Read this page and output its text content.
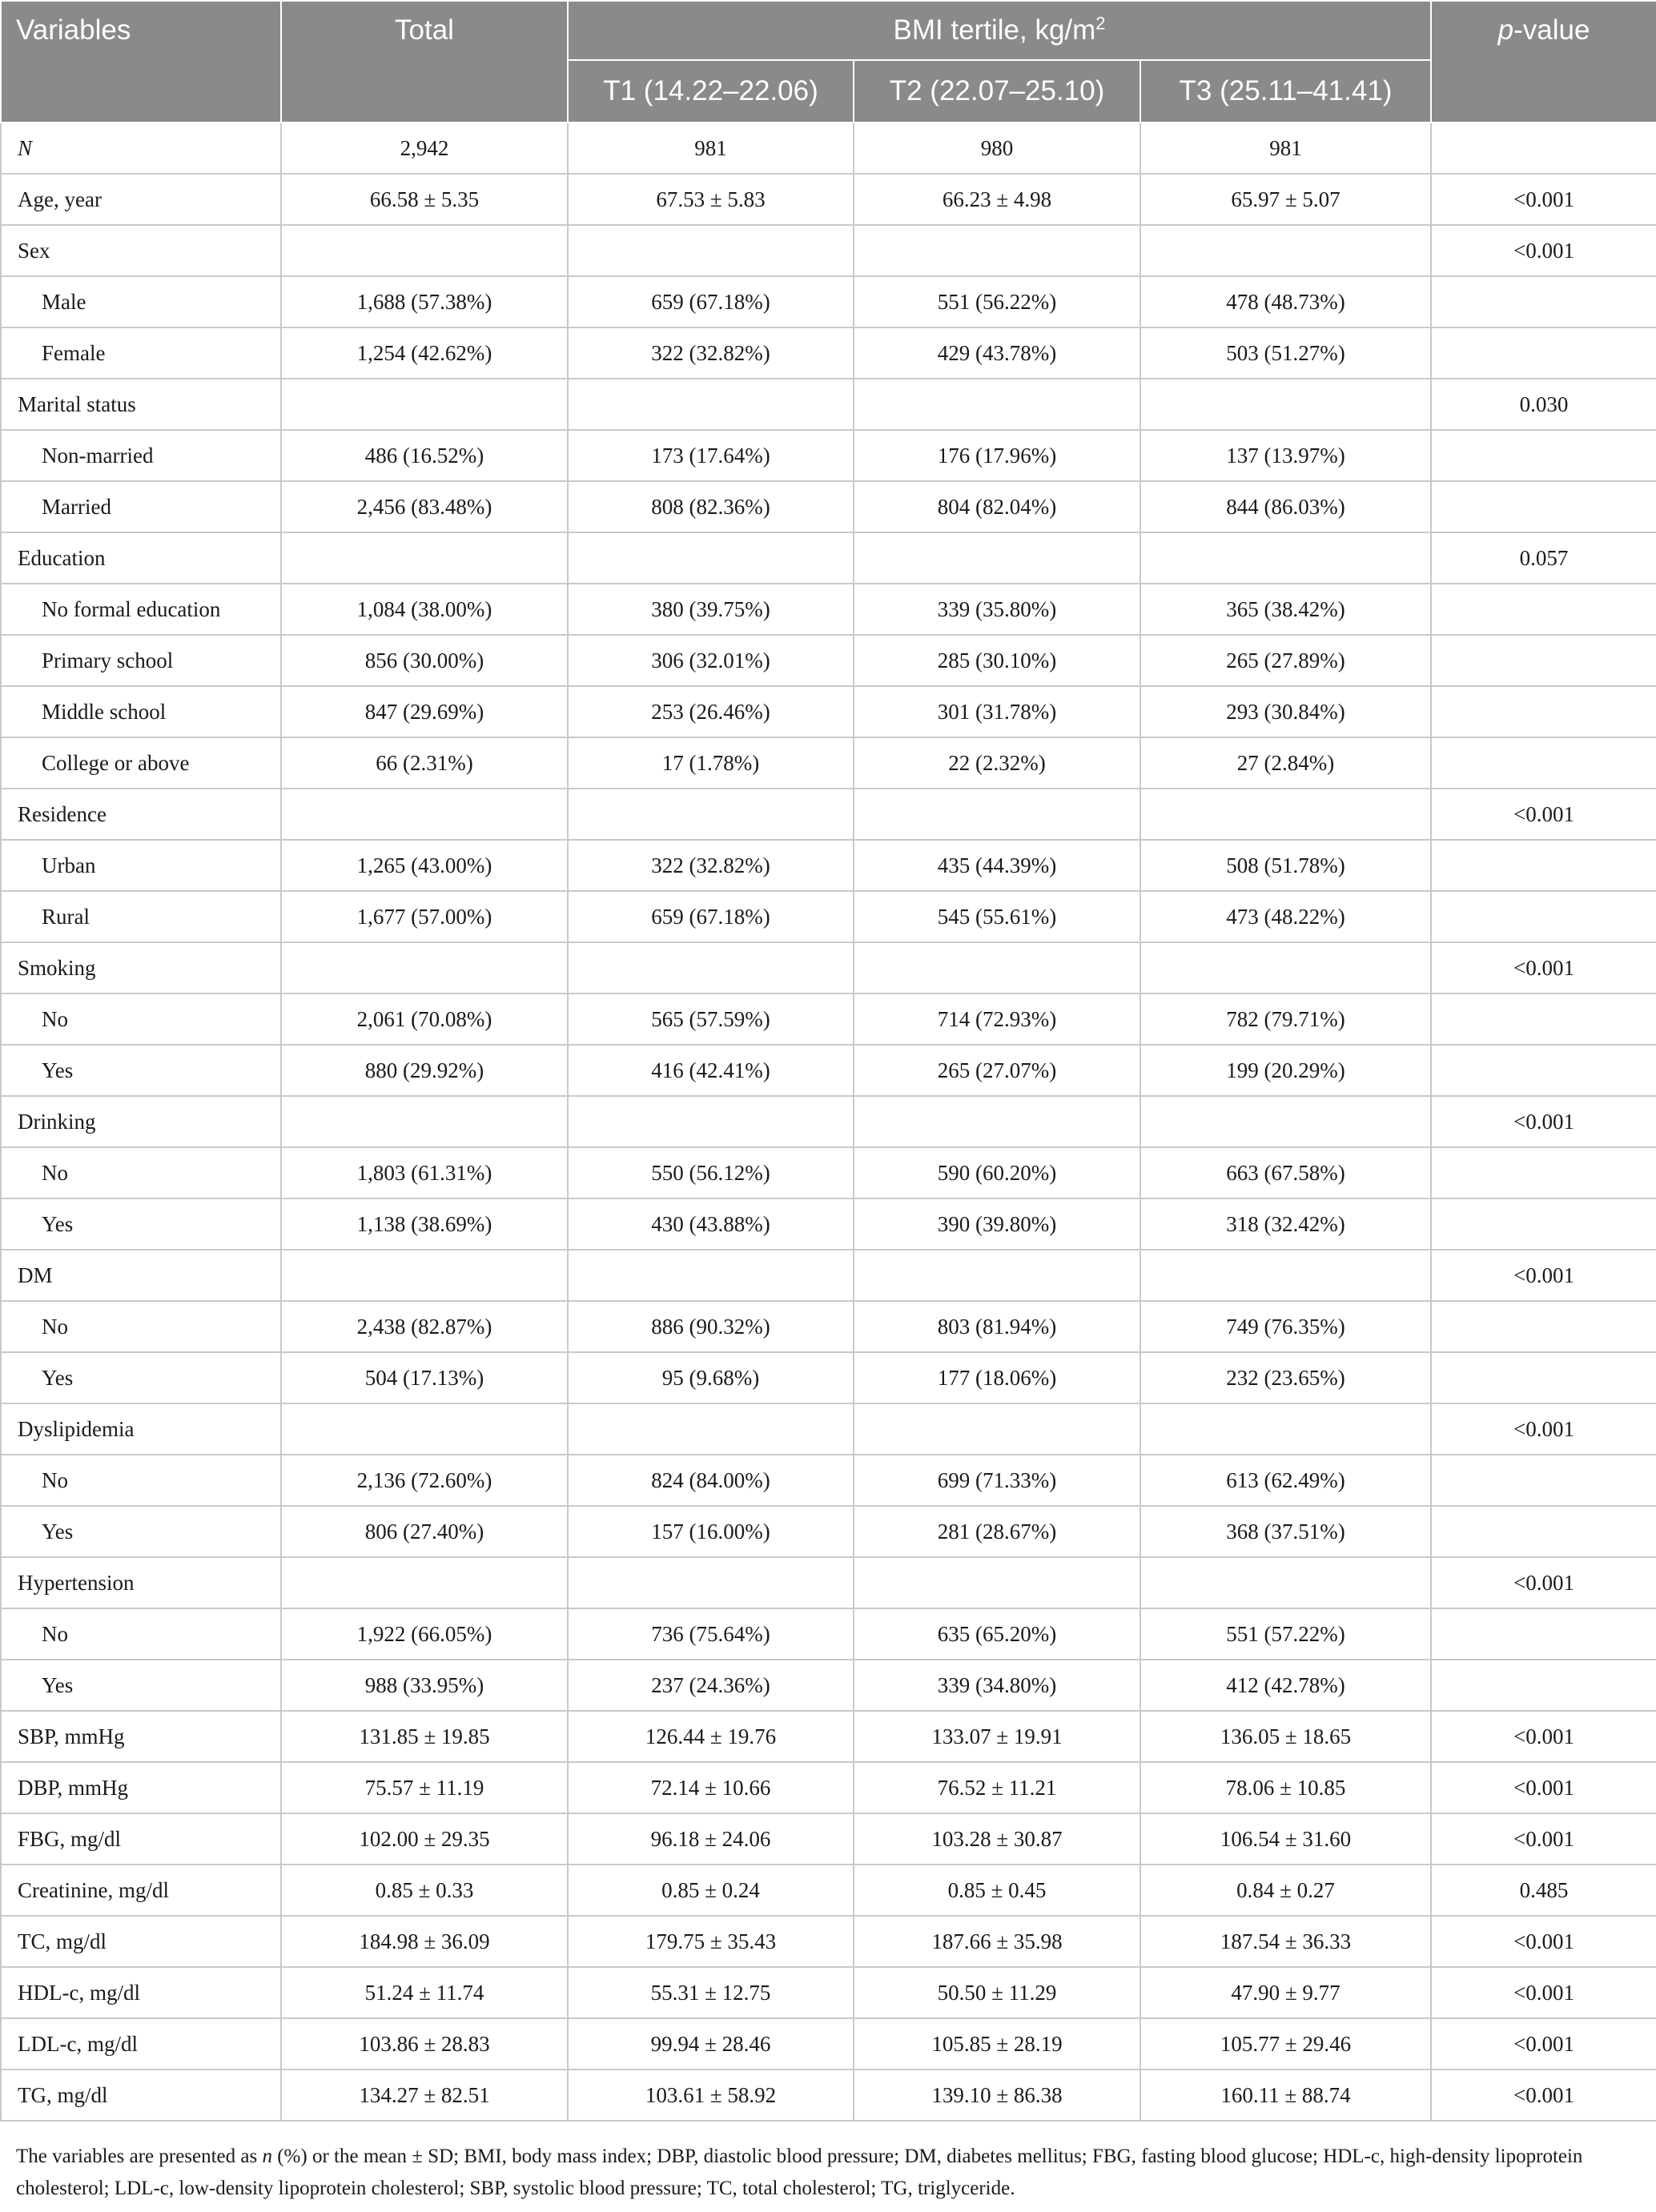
Variables	Total	BMI tertile, $kg/m^2$			p-value
		T1 (14.22–22.06)	T2 (22.07–25.10)	T3 (25.11–41.41)	
N	2,942	981	980	981	
Age, year	66.58 ± 5.35	67.53 ± 5.83	66.23 ± 4.98	65.97 ± 5.07	<0.001
Sex					<0.001
Male	1,688 (57.38%)	659 (67.18%)	551 (56.22%)	478 (48.73%)	
Female	1,254 (42.62%)	322 (32.82%)	429 (43.78%)	503 (51.27%)	
Marital status					0.030
Non-married	486 (16.52%)	173 (17.64%)	176 (17.96%)	137 (13.97%)	
Married	2,456 (83.48%)	808 (82.36%)	804 (82.04%)	844 (86.03%)	
Education					0.057
No formal education	1,084 (38.00%)	380 (39.75%)	339 (35.80%)	365 (38.42%)	
Primary school	856 (30.00%)	306 (32.01%)	285 (30.10%)	265 (27.89%)	
Middle school	847 (29.69%)	253 (26.46%)	301 (31.78%)	293 (30.84%)	
College or above	66 (2.31%)	17 (1.78%)	22 (2.32%)	27 (2.84%)	
Residence					<0.001
Urban	1,265 (43.00%)	322 (32.82%)	435 (44.39%)	508 (51.78%)	
Rural	1,677 (57.00%)	659 (67.18%)	545 (55.61%)	473 (48.22%)	
Smoking					<0.001
No	2,061 (70.08%)	565 (57.59%)	714 (72.93%)	782 (79.71%)	
Yes	880 (29.92%)	416 (42.41%)	265 (27.07%)	199 (20.29%)	
Drinking					<0.001
No	1,803 (61.31%)	550 (56.12%)	590 (60.20%)	663 (67.58%)	
Yes	1,138 (38.69%)	430 (43.88%)	390 (39.80%)	318 (32.42%)	
DM					<0.001
No	2,438 (82.87%)	886 (90.32%)	803 (81.94%)	749 (76.35%)	
Yes	504 (17.13%)	95 (9.68%)	177 (18.06%)	232 (23.65%)	
Dyslipidemia					<0.001
No	2,136 (72.60%)	824 (84.00%)	699 (71.33%)	613 (62.49%)	
Yes	806 (27.40%)	157 (16.00%)	281 (28.67%)	368 (37.51%)	
Hypertension					<0.001
No	1,922 (66.05%)	736 (75.64%)	635 (65.20%)	551 (57.22%)	
Yes	988 (33.95%)	237 (24.36%)	339 (34.80%)	412 (42.78%)	
SBP, mmHg	131.85 ± 19.85	126.44 ± 19.76	133.07 ± 19.91	136.05 ± 18.65	<0.001
DBP, mmHg	75.57 ± 11.19	72.14 ± 10.66	76.52 ± 11.21	78.06 ± 10.85	<0.001
FBG, mg/dl	102.00 ± 29.35	96.18 ± 24.06	103.28 ± 30.87	106.54 ± 31.60	<0.001
Creatinine, mg/dl	0.85 ± 0.33	0.85 ± 0.24	0.85 ± 0.45	0.84 ± 0.27	0.485
TC, mg/dl	184.98 ± 36.09	179.75 ± 35.43	187.66 ± 35.98	187.54 ± 36.33	<0.001
HDL-c, mg/dl	51.24 ± 11.74	55.31 ± 12.75	50.50 ± 11.29	47.90 ± 9.77	<0.001
LDL-c, mg/dl	103.86 ± 28.83	99.94 ± 28.46	105.85 ± 28.19	105.77 ± 29.46	<0.001
TG, mg/dl	134.27 ± 82.51	103.61 ± 58.92	139.10 ± 86.38	160.11 ± 88.74	<0.001

The variables are presented as n (%) or the mean ± SD; BMI, body mass index; DBP, diastolic blood pressure; DM, diabetes mellitus; FBG, fasting blood glucose; HDL-c, high-density lipoprotein cholesterol; LDL-c, low-density lipoprotein cholesterol; SBP, systolic blood pressure; TC, total cholesterol; TG, triglyceride.
